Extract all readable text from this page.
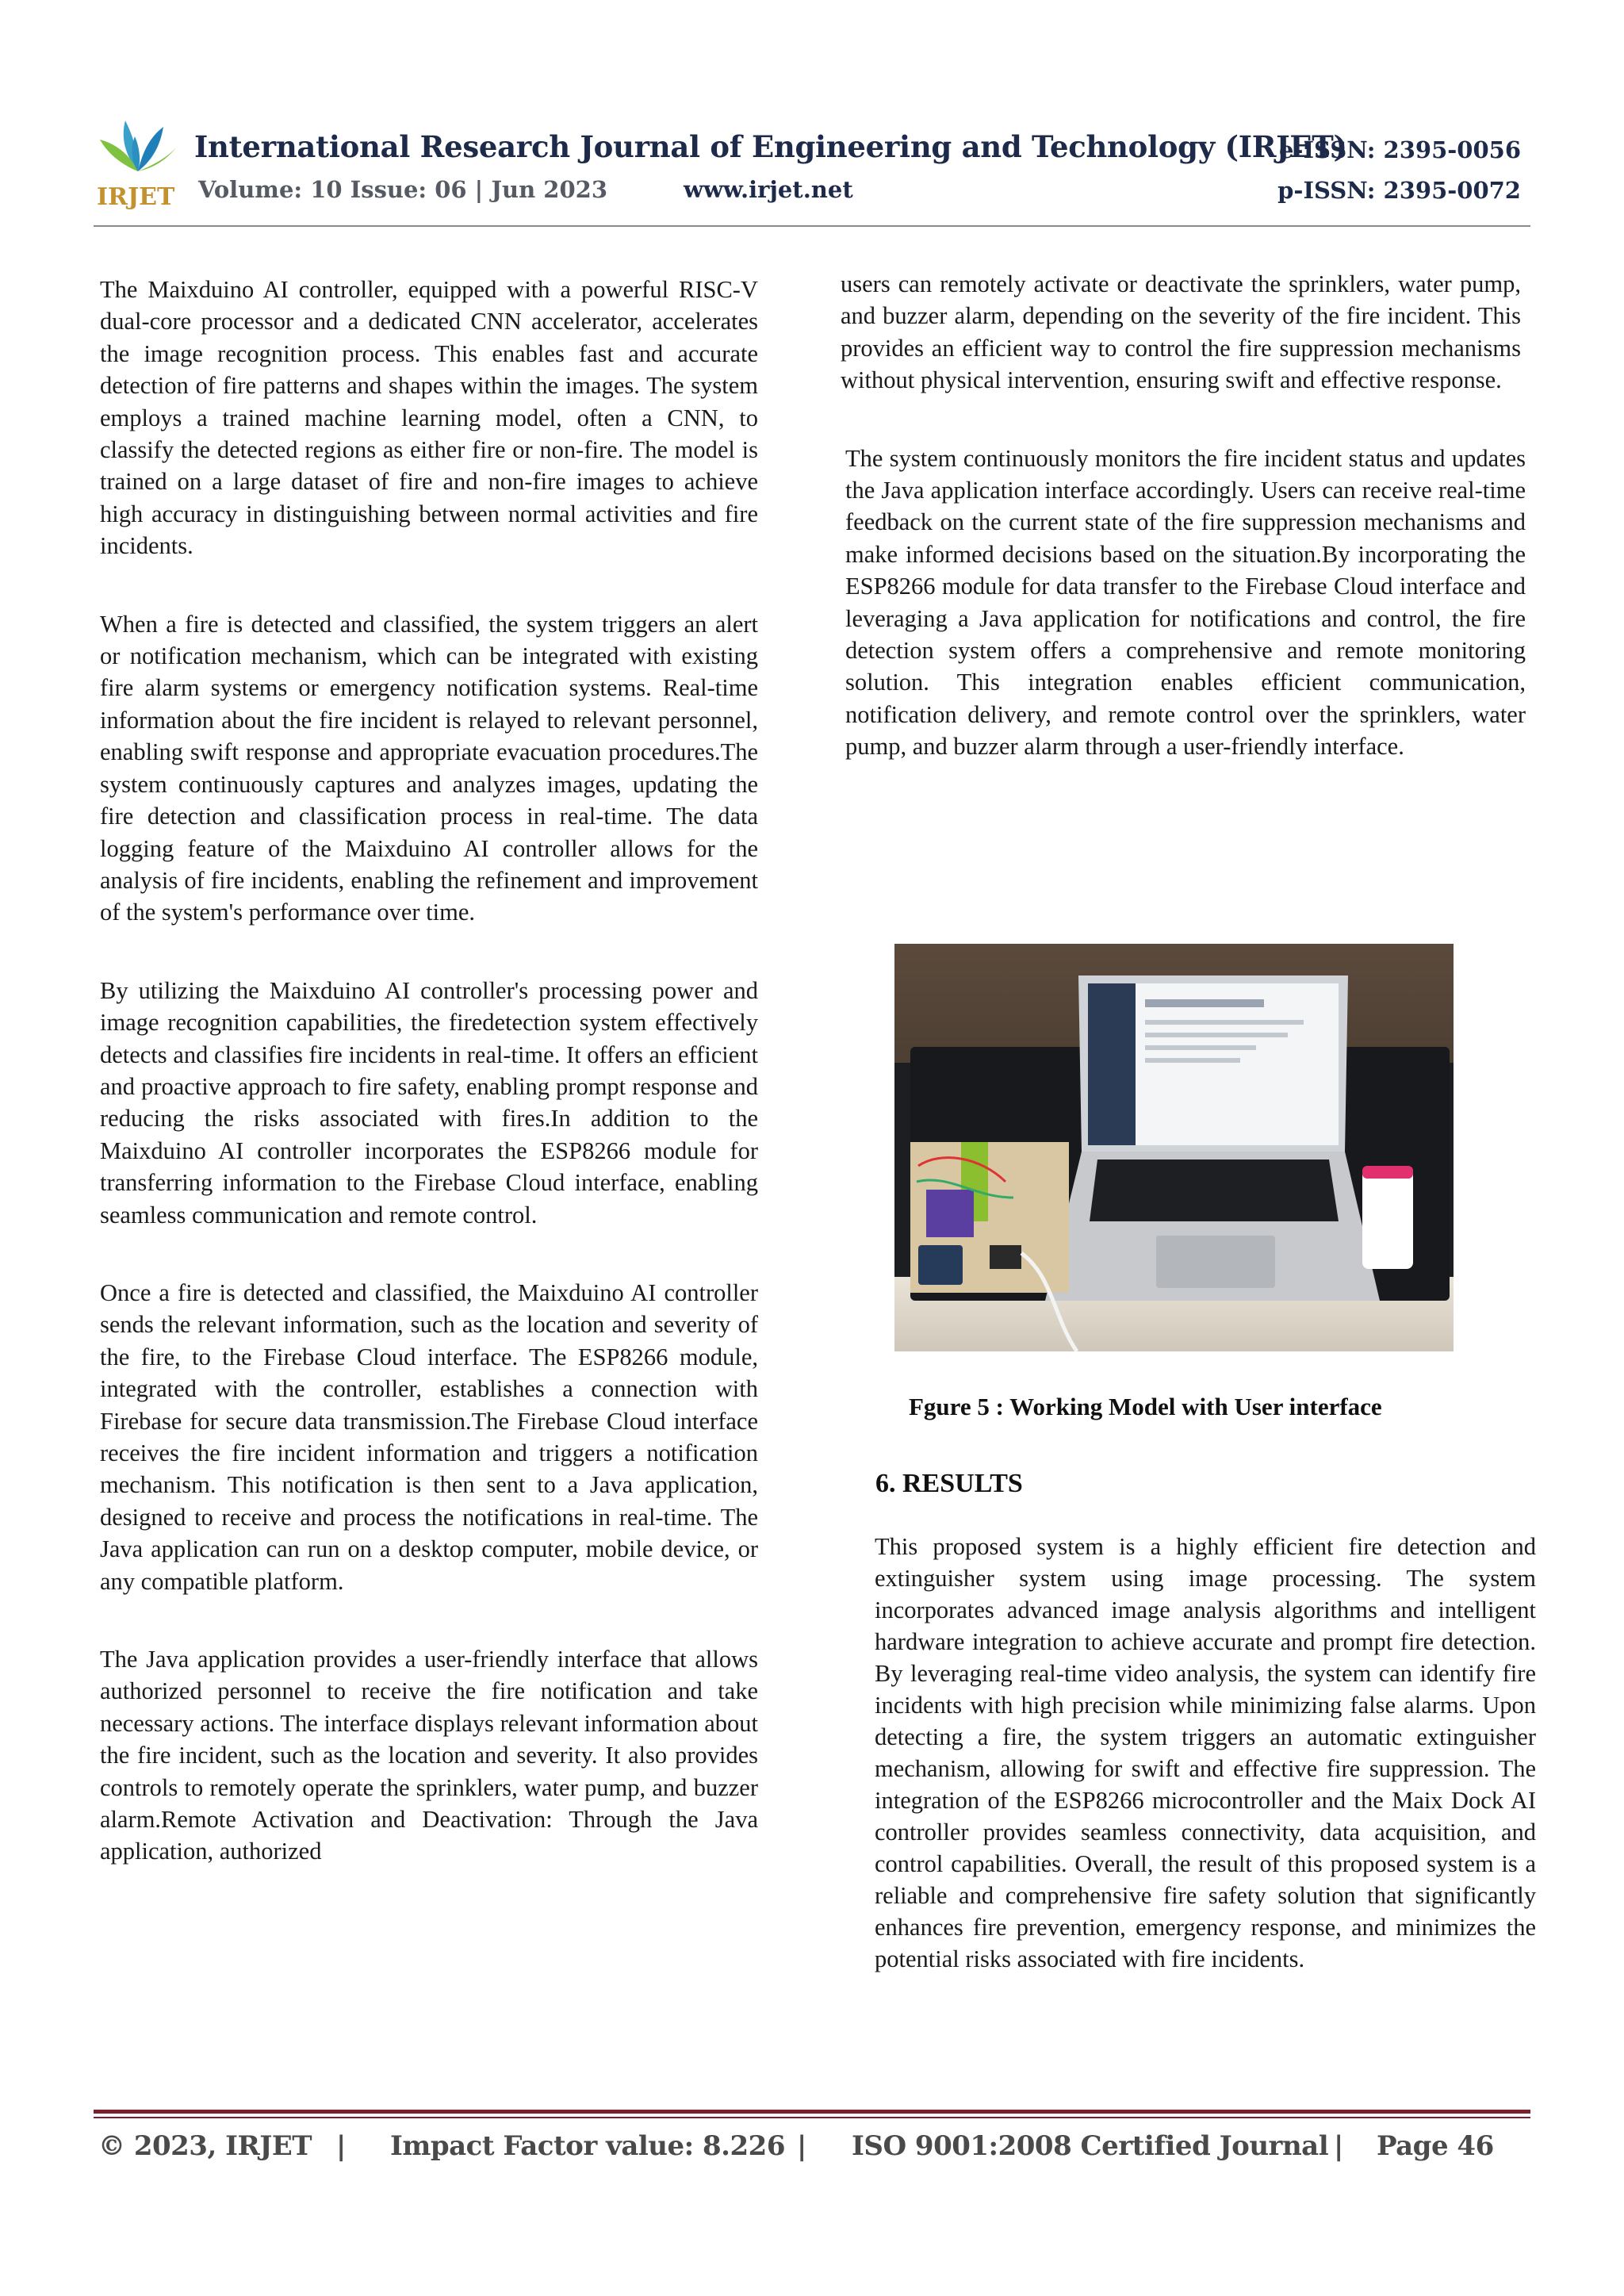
IRJET
International Research Journal of Engineering and Technology (IRJET)
e-ISSN: 2395-0056
Volume: 10 Issue: 06 | Jun 2023	www.irjet.net	p-ISSN: 2395-0072

The Maixduino AI controller, equipped with a powerful RISC-V dual-core processor and a dedicated CNN accelerator, accelerates the image recognition process. This enables fast and accurate detection of fire patterns and shapes within the images. The system employs a trained machine learning model, often a CNN, to classify the detected regions as either fire or non-fire. The model is trained on a large dataset of fire and non-fire images to achieve high accuracy in distinguishing between normal activities and fire incidents.

When a fire is detected and classified, the system triggers an alert or notification mechanism, which can be integrated with existing fire alarm systems or emergency notification systems. Real-time information about the fire incident is relayed to relevant personnel, enabling swift response and appropriate evacuation procedures.The system continuously captures and analyzes images, updating the fire detection and classification process in real-time. The data logging feature of the Maixduino AI controller allows for the analysis of fire incidents, enabling the refinement and improvement of the system's performance over time.

By utilizing the Maixduino AI controller's processing power and image recognition capabilities, the firedetection system effectively detects and classifies fire incidents in real-time. It offers an efficient and proactive approach to fire safety, enabling prompt response and reducing the risks associated with fires.In addition to the Maixduino AI controller incorporates the ESP8266 module for transferring information to the Firebase Cloud interface, enabling seamless communication and remote control.

Once a fire is detected and classified, the Maixduino AI controller sends the relevant information, such as the location and severity of the fire, to the Firebase Cloud interface. The ESP8266 module, integrated with the controller, establishes a connection with Firebase for secure data transmission.The Firebase Cloud interface receives the fire incident information and triggers a notification mechanism. This notification is then sent to a Java application, designed to receive and process the notifications in real-time. The Java application can run on a desktop computer, mobile device, or any compatible platform.

The Java application provides a user-friendly interface that allows authorized personnel to receive the fire notification and take necessary actions. The interface displays relevant information about the fire incident, such as the location and severity. It also provides controls to remotely operate the sprinklers, water pump, and buzzer alarm.Remote Activation and Deactivation: Through the Java application, authorized

users can remotely activate or deactivate the sprinklers, water pump, and buzzer alarm, depending on the severity of the fire incident. This provides an efficient way to control the fire suppression mechanisms without physical intervention, ensuring swift and effective response.

The system continuously monitors the fire incident status and updates the Java application interface accordingly. Users can receive real-time feedback on the current state of the fire suppression mechanisms and make informed decisions based on the situation.By incorporating the ESP8266 module for data transfer to the Firebase Cloud interface and leveraging a Java application for notifications and control, the fire detection system offers a comprehensive and remote monitoring solution. This integration enables efficient communication, notification delivery, and remote control over the sprinklers, water pump, and buzzer alarm through a user-friendly interface.

Fgure 5 : Working Model with User interface
6. RESULTS

This proposed system is a highly efficient fire detection and extinguisher system using image processing. The system incorporates advanced image analysis algorithms and intelligent hardware integration to achieve accurate and prompt fire detection. By leveraging real-time video analysis, the system can identify fire incidents with high precision while minimizing false alarms. Upon detecting a fire, the system triggers an automatic extinguisher mechanism, allowing for swift and effective fire suppression. The integration of the ESP8266 microcontroller and the Maix Dock AI controller provides seamless connectivity, data acquisition, and control capabilities. Overall, the result of this proposed system is a reliable and comprehensive fire safety solution that significantly enhances fire prevention, emergency response, and minimizes the potential risks associated with fire incidents.

© 2023, IRJET | Impact Factor value: 8.226 | ISO 9001:2008 Certified Journal | Page 46
